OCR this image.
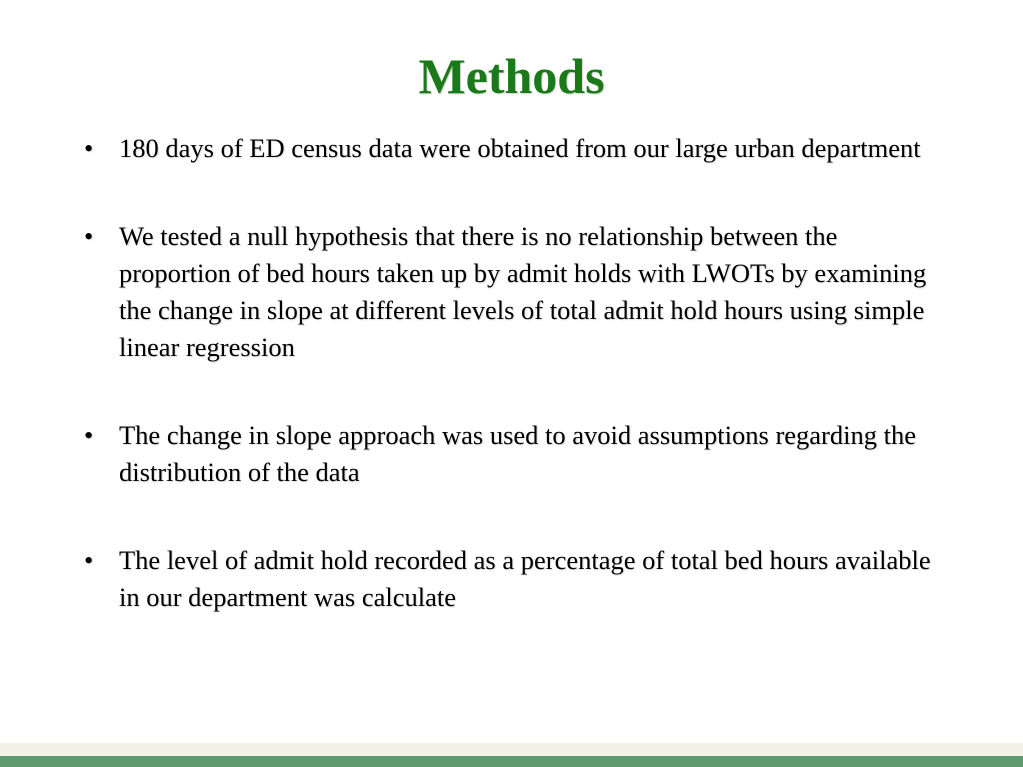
Methods
• 180 days of ED census data were obtained from our large urban department
• We tested a null hypothesis that there is no relationship between the proportion of bed hours taken up by admit holds with LWOTs by examining the change in slope at different levels of total admit hold hours using simple linear regression
• The change in slope approach was used to avoid assumptions regarding the distribution of the data
• The level of admit hold recorded as a percentage of total bed hours available in our department was calculate
